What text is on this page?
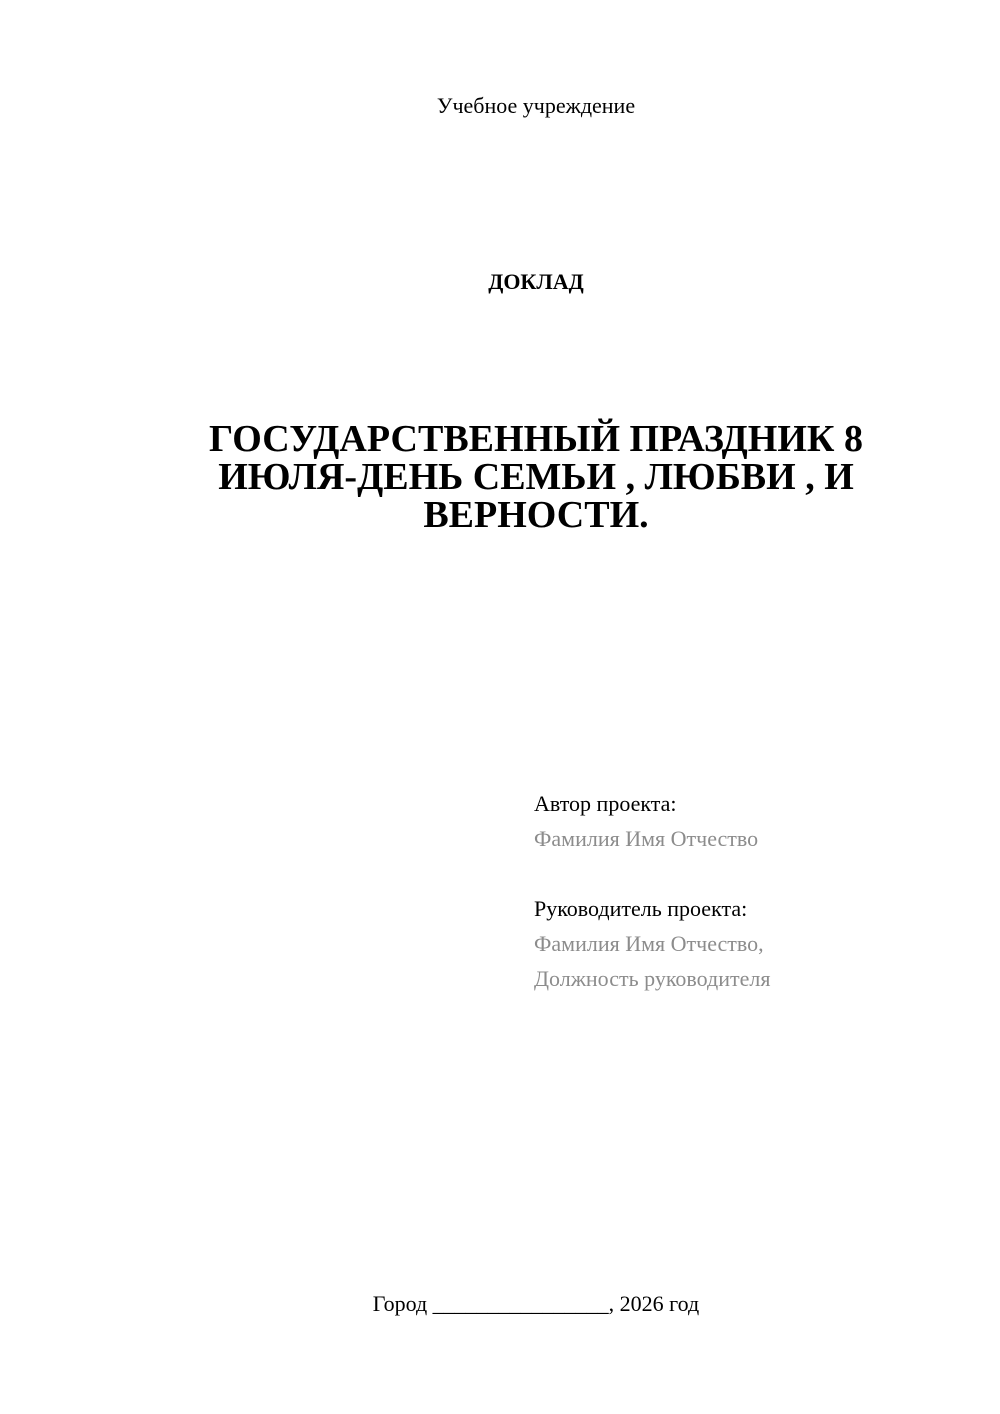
Учебное учреждение
ДОКЛАД
ГОСУДАРСТВЕННЫЙ ПРАЗДНИК 8
ИЮЛЯ-ДЕНЬ СЕМЬИ , ЛЮБВИ , И
ВЕРНОСТИ.
Автор проекта:
Фамилия Имя Отчество
Руководитель проекта:
Фамилия Имя Отчество,
Должность руководителя
Город ________________, 2026 год
